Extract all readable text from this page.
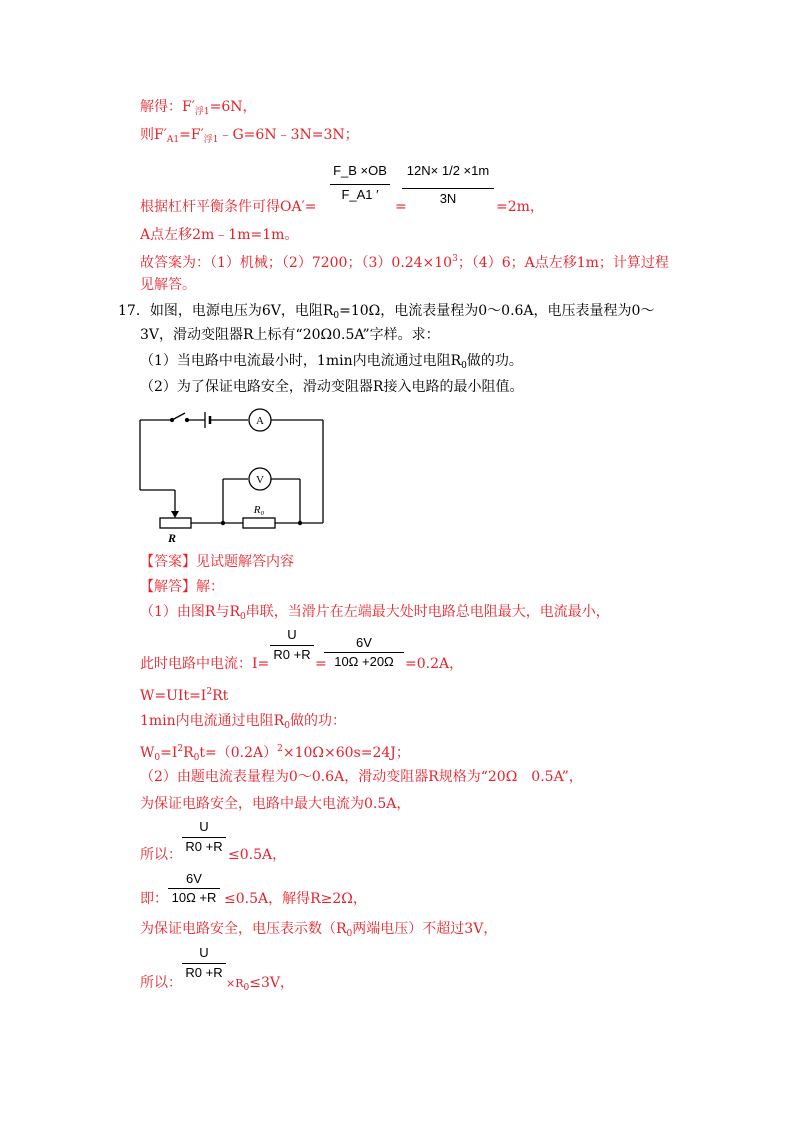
解得：$F'_{浮1}=6N$，
则$F'_{A1}=F'_{浮1}﹣G=6N﹣3N=3N$；
根据杠杆平衡条件可得OA′=
F_B ×OB
F_A1 ′
=
12N× 1/2 ×1m
3N
=2m，
A点左移2m﹣1m=1m。
故答案为：（1）机械；（2）7200；$(3)0.24\times 10^3$；（4）6；A点左移1m；计算过程
见解答。
17．如图，电源电压为6V，电阻$R_0=10\Omega$，电流表量程为0～0.6A，电压表量程为0～
3V，滑动变阻器R上标有“20Ω0.5A”字样。求：
（1）当电路中电流最小时，1min内电流通过电阻$R_0$做的功。
（2）为了保证电路安全，滑动变阻器R接入电路的最小阻值。
A
V
R₀
R
【答案】见试题解答内容
【解答】解：
（1）由图R与$R_0$串联，当滑片在左端最大处时电路总电阻最大，电流最小，
此时电路中电流：I=
U
R0 +R
=
6V
10Ω +20Ω =0.2A，
$W=UIt=I^2Rt$
1min内电流通过电阻$R_0$做的功：
$W_0=I^2R_0t=(0.2A)^2\times 10\Omega\times 60s=24J$；
（2）由题电流表量程为0～0.6A，滑动变阻器R规格为“20Ω　0.5A”，
为保证电路安全，电路中最大电流为0.5A，
U
R0 +R
所以：	≤0.5A，
6V
10Ω +R
即：	≤0.5A，解得R≥2Ω，
为保证电路安全，电压表示数（$R_0$两端电压）不超过3V，
U
R0 +R
所以：	$\times R_0\le 3V$，
